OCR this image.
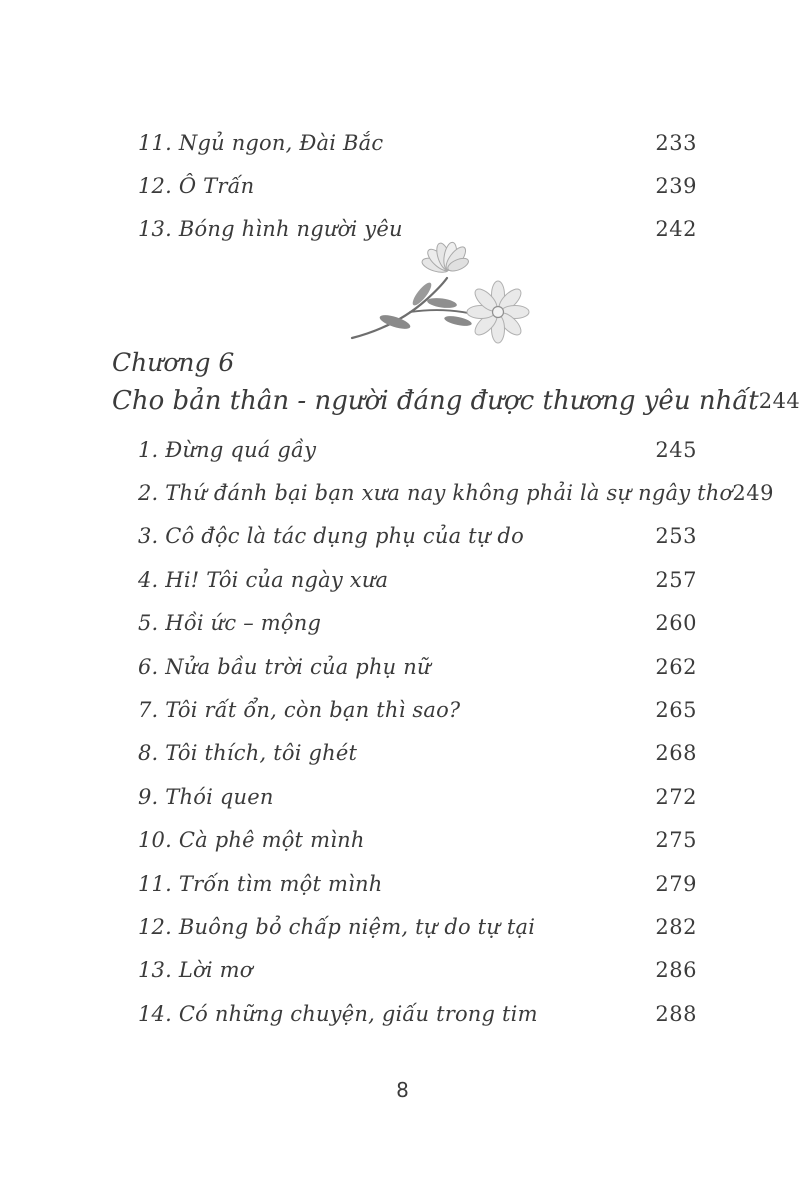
11. Ngủ ngon, Đài Bắc	233
12. Ô Trấn	239
13. Bóng hình người yêu	242
Chương 6
Cho bản thân - người đáng được thương yêu nhất 244
1. Đừng quá gầy	245
2. Thứ đánh bại bạn xưa nay không phải là sự ngây thơ 249
3. Cô độc là tác dụng phụ của tự do	253
4. Hi! Tôi của ngày xưa	257
5. Hồi ức – mộng	260
6. Nửa bầu trời của phụ nữ	262
7. Tôi rất ổn, còn bạn thì sao?	265
8. Tôi thích, tôi ghét	268
9. Thói quen	272
10. Cà phê một mình	275
11. Trốn tìm một mình	279
12. Buông bỏ chấp niệm, tự do tự tại	282
13. Lời mơ	286
14. Có những chuyện, giấu trong tim	288
8
